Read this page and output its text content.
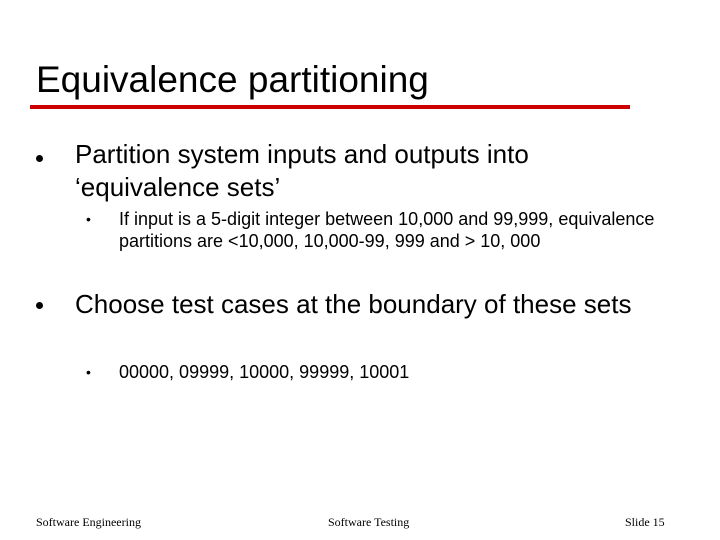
Equivalence partitioning
Partition system inputs and outputs into ‘equivalence sets’
• If input is a 5-digit integer between 10,000 and 99,999, equivalence partitions are <10,000, 10,000-99, 999 and > 10, 000
Choose test cases at the boundary of these sets
• 00000, 09999, 10000, 99999, 10001
Software Engineering	Software Testing	Slide 15
